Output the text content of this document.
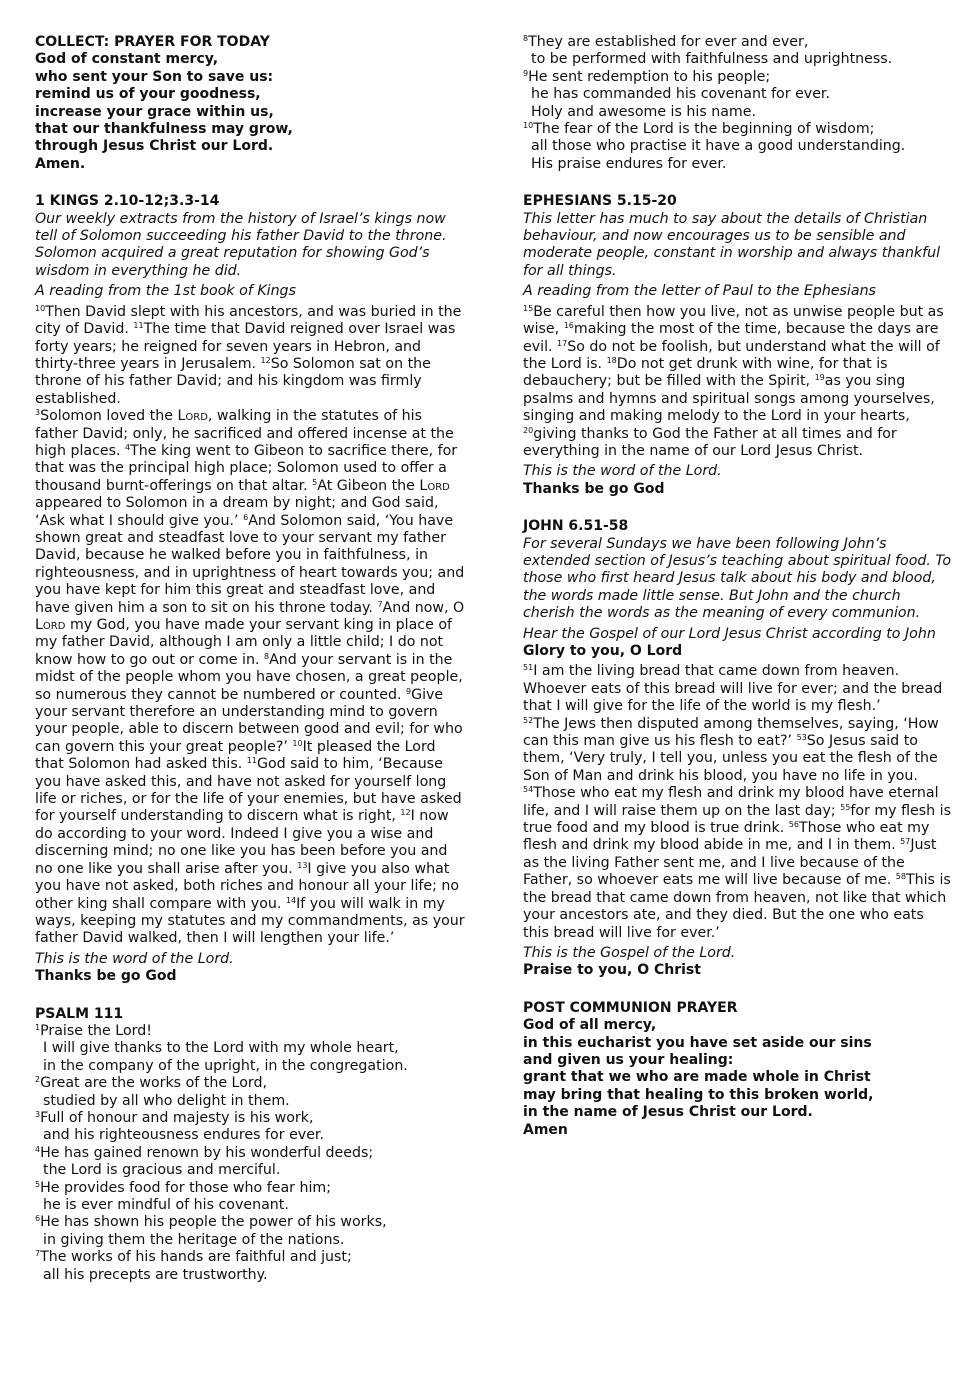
COLLECT: PRAYER FOR TODAY

God of constant mercy,

who sent your Son to save us:

remind us of your goodness,

increase your grace within us,

that our thankfulness may grow,

through Jesus Christ our Lord.

Amen.

1 KINGS 2.10-12;3.3-14

Our weekly extracts from the history of Israel’s kings now tell of Solomon succeeding his father David to the throne. Solomon acquired a great reputation for showing God’s wisdom in everything he did.

A reading from the 1st book of Kings

$^{10}$Then David slept with his ancestors, and was buried in the city of David. $^{11}$The time that David reigned over Israel was forty years; he reigned for seven years in Hebron, and thirty-three years in Jerusalem. $^{12}$So Solomon sat on the throne of his father David; and his kingdom was firmly established.

$^3$Solomon loved the Lord, walking in the statutes of his father David; only, he sacrificed and offered incense at the high places. $^4$The king went to Gibeon to sacrifice there, for that was the principal high place; Solomon used to offer a thousand burnt-offerings on that altar. $^5$At Gibeon the Lord appeared to Solomon in a dream by night; and God said, ‘Ask what I should give you.’ $^6$And Solomon said, ‘You have shown great and steadfast love to your servant my father David, because he walked before you in faithfulness, in righteousness, and in uprightness of heart towards you; and you have kept for him this great and steadfast love, and have given him a son to sit on his throne today. $^7$And now, O Lord my God, you have made your servant king in place of my father David, although I am only a little child; I do not know how to go out or come in. $^8$And your servant is in the midst of the people whom you have chosen, a great people, so numerous they cannot be numbered or counted. $^9$Give your servant therefore an understanding mind to govern your people, able to discern between good and evil; for who can govern this your great people?’ $^{10}$It pleased the Lord that Solomon had asked this. $^{11}$God said to him, ‘Because you have asked this, and have not asked for yourself long life or riches, or for the life of your enemies, but have asked for yourself understanding to discern what is right, $^{12}$I now do according to your word. Indeed I give you a wise and discerning mind; no one like you has been before you and no one like you shall arise after you. $^{13}$I give you also what you have not asked, both riches and honour all your life; no other king shall compare with you. $^{14}$If you will walk in my ways, keeping my statutes and my commandments, as your father David walked, then I will lengthen your life.’

This is the word of the Lord.

Thanks be go God

PSALM 111

$^1$Praise the Lord!

I will give thanks to the Lord with my whole heart,

in the company of the upright, in the congregation.

$^2$Great are the works of the Lord,

studied by all who delight in them.

$^3$Full of honour and majesty is his work,

and his righteousness endures for ever.

$^4$He has gained renown by his wonderful deeds;

the Lord is gracious and merciful.

$^5$He provides food for those who fear him;

he is ever mindful of his covenant.

$^6$He has shown his people the power of his works,

in giving them the heritage of the nations.

$^7$The works of his hands are faithful and just;

all his precepts are trustworthy.

$^8$They are established for ever and ever,

to be performed with faithfulness and uprightness.

$^9$He sent redemption to his people;

he has commanded his covenant for ever.

Holy and awesome is his name.

$^{10}$The fear of the Lord is the beginning of wisdom;

all those who practise it have a good understanding.

His praise endures for ever.

EPHESIANS 5.15-20

This letter has much to say about the details of Christian behaviour, and now encourages us to be sensible and moderate people, constant in worship and always thankful for all things.

A reading from the letter of Paul to the Ephesians

$^{15}$Be careful then how you live, not as unwise people but as wise, $^{16}$making the most of the time, because the days are evil. $^{17}$So do not be foolish, but understand what the will of the Lord is. $^{18}$Do not get drunk with wine, for that is debauchery; but be filled with the Spirit, $^{19}$as you sing psalms and hymns and spiritual songs among yourselves, singing and making melody to the Lord in your hearts, $^{20}$giving thanks to God the Father at all times and for everything in the name of our Lord Jesus Christ.

This is the word of the Lord.

Thanks be go God

JOHN 6.51-58

For several Sundays we have been following John’s extended section of Jesus’s teaching about spiritual food. To those who first heard Jesus talk about his body and blood, the words made little sense. But John and the church cherish the words as the meaning of every communion.

Hear the Gospel of our Lord Jesus Christ according to John

Glory to you, O Lord

$^{51}$I am the living bread that came down from heaven. Whoever eats of this bread will live for ever; and the bread that I will give for the life of the world is my flesh.’

$^{52}$The Jews then disputed among themselves, saying, ‘How can this man give us his flesh to eat?’ $^{53}$So Jesus said to them, ‘Very truly, I tell you, unless you eat the flesh of the Son of Man and drink his blood, you have no life in you. $^{54}$Those who eat my flesh and drink my blood have eternal life, and I will raise them up on the last day; $^{55}$for my flesh is true food and my blood is true drink. $^{56}$Those who eat my flesh and drink my blood abide in me, and I in them. $^{57}$Just as the living Father sent me, and I live because of the Father, so whoever eats me will live because of me. $^{58}$This is the bread that came down from heaven, not like that which your ancestors ate, and they died. But the one who eats this bread will live for ever.’

This is the Gospel of the Lord.

Praise to you, O Christ

POST COMMUNION PRAYER

God of all mercy,

in this eucharist you have set aside our sins

and given us your healing:

grant that we who are made whole in Christ

may bring that healing to this broken world,

in the name of Jesus Christ our Lord.

Amen
